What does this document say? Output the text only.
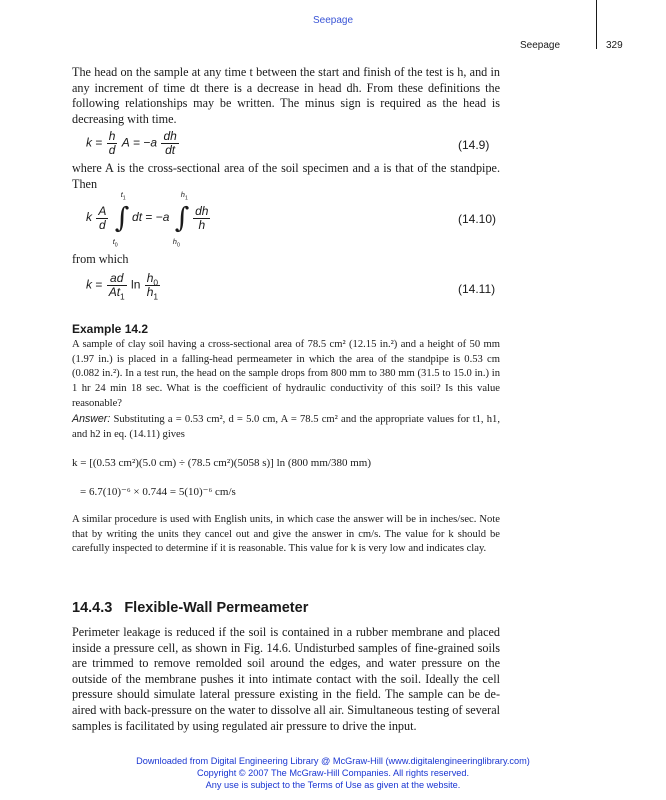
Seepage
Seepage	329
The head on the sample at any time t between the start and finish of the test is h, and in any increment of time dt there is a decrease in head dh. From these definitions the following relationships may be written. The minus sign is required as the head is decreasing with time.
$k = \frac{h}{d}$ $A = -a \frac{dh}{dt}$	(14.9)
where A is the cross-sectional area of the soil specimen and a is that of the standpipe. Then
k $\frac{A}{d}$
∫
$t_1$
$t_0$
dt = −a ∫
$h_1$
$h_0$

$\frac{dh}{h}$	(14.10)
from which
$k = \frac{ad}{At_1}$ $\ln \frac{h_0}{h_1}$	(14.11)
Example 14.2
A sample of clay soil having a cross-sectional area of 78.5 cm² (12.15 in.²) and a height of 50 mm (1.97 in.) is placed in a falling-head permeameter in which the area of the standpipe is 0.53 cm (0.082 in.²). In a test run, the head on the sample drops from 800 mm to 380 mm (31.5 to 15.0 in.) in 1 hr 24 min 18 sec. What is the coefficient of hydraulic conductivity of this soil? Is this value reasonable?
Answer: Substituting a = 0.53 cm², d = 5.0 cm, A = 78.5 cm² and the appropriate values for t1, h1, and h2 in eq. (14.11) gives
k = [(0.53 cm²)(5.0 cm) ÷ (78.5 cm²)(5058 s)] ln (800 mm/380 mm)
= 6.7(10)⁻⁶ × 0.744 = 5(10)⁻⁶ cm/s
A similar procedure is used with English units, in which case the answer will be in inches/sec. Note that by writing the units they cancel out and give the answer in cm/s. The value for k should be carefully inspected to determine if it is reasonable. This value for k is very low and indicates clay.
14.4.3 Flexible-Wall Permeameter
Perimeter leakage is reduced if the soil is contained in a rubber membrane and placed inside a pressure cell, as shown in Fig. 14.6. Undisturbed samples of fine-grained soils are trimmed to remove remolded soil around the edges, and water pressure on the outside of the membrane pushes it into intimate contact with the soil. Ideally the cell pressure should simulate lateral pressure existing in the field. The sample can be de-aired with back-pressure on the water to dissolve all air. Simultaneous testing of several samples is facilitated by using regulated air pressure to drive the input.
Downloaded from Digital Engineering Library @ McGraw-Hill (www.digitalengineeringlibrary.com)
Copyright © 2007 The McGraw-Hill Companies. All rights reserved.
Any use is subject to the Terms of Use as given at the website.
